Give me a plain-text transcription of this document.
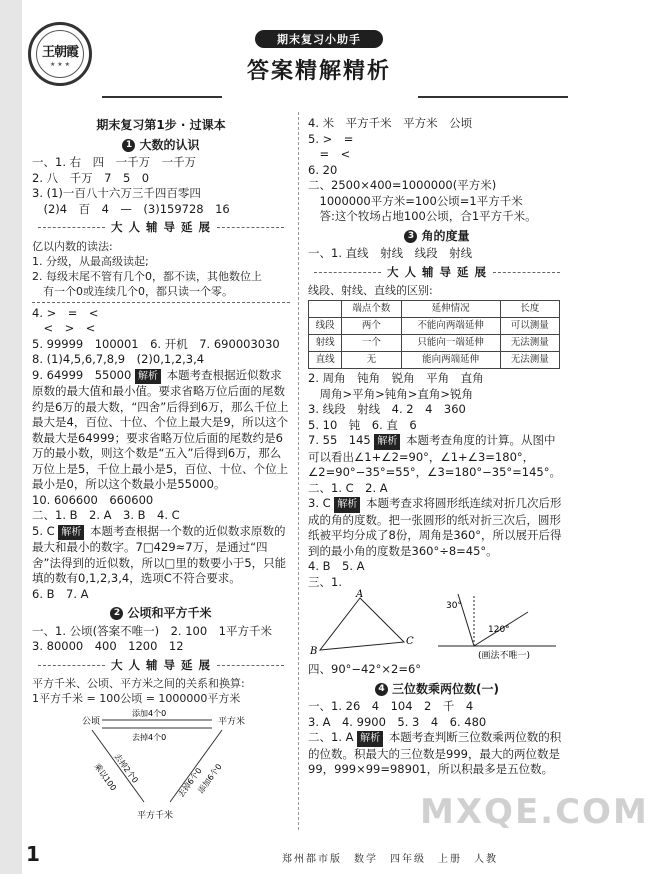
王朝霞
★ ★ ★
期末复习小助手
答案精解精析
期末复习第1步 · 过课本
1 大数的认识
一、1. 右　四　一千万　一千万
2. 八　千万　7　5　0
3. (1)一百八十六万三千四百零四
　(2)4　百　4　—　(3)159728　16
大 人 辅 导 延 展
亿以内数的读法:
1. 分级，从最高级读起;
2. 每级末尾不管有几个0，都不读，其他数位上
　有一个0或连续几个0，都只读一个零。
4. >　=　<
　<　>　<
5. 99999　100001　6. 开机　7. 690003030
8. (1)4,5,6,7,8,9　(2)0,1,2,3,4
9. 64999　55000 解析 本题考查根据近似数求原数的最大值和最小值。要求省略万位后面的尾数约是6万的最大数，“四舍”后得到6万，那么千位上最大是4，百位、十位、个位上最大是9，所以这个数最大是64999；要求省略万位后面的尾数约是6万的最小数，则这个数是“五入”后得到6万，那么万位上是5，千位上最小是5，百位、十位、个位上最小是0，所以这个数最小是55000。
10. 606600　660600
二、1. B　2. A　3. B　4. C
5. C 解析 本题考查根据一个数的近似数求原数的最大和最小的数字。7□429≈7万，是通过“四舍”法得到的近似数，所以□里的数要小于5，只能填的数有0,1,2,3,4，选项C不符合要求。
6. B　7. A
2 公顷和平方千米
一、1. 公顷(答案不唯一)　2. 100　1平方千米
3. 80000　400　1200　12
大 人 辅 导 延 展
平方千米、公顷、平方米之间的关系和换算:
1平方千米 = 100公顷 = 1000000平方米
公顷	平方米
添加4个0
去掉4个0
乘以100
去掉2个0	去掉6个0
添加6个0
平方千米
4. 米　平方千米　平方米　公顷
5. >　=
　=　<
6. 20
二、2500×400=1000000(平方米)
　1000000平方米=100公顷=1平方千米
　答:这个牧场占地100公顷，合1平方千米。
3 角的度量
一、1. 直线　射线　线段　射线
大 人 辅 导 延 展
线段、射线、直线的区别:
	端点个数	延伸情况	长度
线段	两个	不能向两端延伸	可以测量
射线	一个	只能向一端延伸	无法测量
直线	无	能向两端延伸	无法测量
2. 周角　钝角　锐角　平角　直角
　周角>平角>钝角>直角>锐角
3. 线段　射线　4. 2　4　360
5. 10　钝　6. 直　6
7. 55　145 解析 本题考查角度的计算。从图中可以看出∠1+∠2=90°，∠1+∠3=180°，∠2=90°−35°=55°，∠3=180°−35°=145°。
二、1. C　2. A
3. C 解析 本题考查求将圆形纸连续对折几次后形成的角的度数。把一张圆形的纸对折三次后，圆形纸被平均分成了8份，周角是360°，所以展开后得到的最小角的度数是360°÷8=45°。
4. B　5. A
三、1.
A
B
C
30°
120°
(画法不唯一)
四、90°−42°×2=6°
4 三位数乘两位数(一)
一、1. 26　4　104　2　千　4
3. A　4. 9900　5. 3　4　6. 480
二、1. A 解析 本题考查判断三位数乘两位数的积的位数。积最大的三位数是999，最大的两位数是99，999×99=98901，所以积最多是五位数。
MXQE.COM
1	郑州都市版　数学　四年级　上册　人教
